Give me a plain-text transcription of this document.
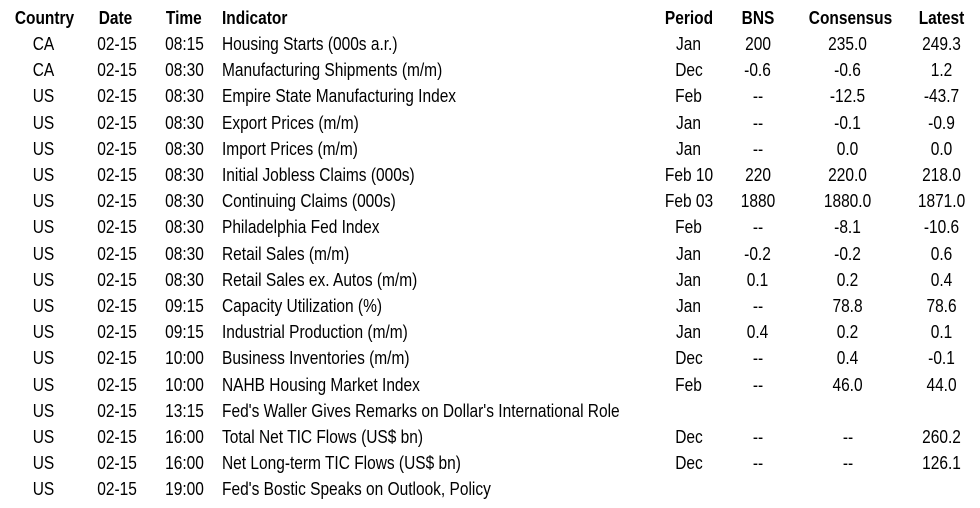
Country Date Time Indicator	Period	BNS	Consensus	Latest
CA	02-15 08:15 Housing Starts (000s a.r.)	Jan	200	235.0	249.3
CA	02-15 08:30 Manufacturing Shipments (m/m)	Dec	-0.6	-0.6	1.2
US	02-15 08:30 Empire State Manufacturing Index	Feb	--	-12.5	-43.7
US	02-15 08:30 Export Prices (m/m)	Jan	--	-0.1	-0.9
US	02-15 08:30 Import Prices (m/m)	Jan	--	0.0	0.0
US	02-15 08:30 Initial Jobless Claims (000s)	Feb 10	220	220.0	218.0
US	02-15 08:30 Continuing Claims (000s)	Feb 03	1880	1880.0	1871.0
US	02-15 08:30 Philadelphia Fed Index	Feb	--	-8.1	-10.6
US	02-15 08:30 Retail Sales (m/m)	Jan	-0.2	-0.2	0.6
US	02-15 08:30 Retail Sales ex. Autos (m/m)	Jan	0.1	0.2	0.4
US	02-15 09:15 Capacity Utilization (%)	Jan	--	78.8	78.6
US	02-15 09:15 Industrial Production (m/m)	Jan	0.4	0.2	0.1
US	02-15 10:00 Business Inventories (m/m)	Dec	--	0.4	-0.1
US	02-15 10:00 NAHB Housing Market Index	Feb	--	46.0	44.0
US	02-15 13:15 Fed's Waller Gives Remarks on Dollar's International Role
US	02-15 16:00 Total Net TIC Flows (US$ bn)	Dec	--	--	260.2
US	02-15 16:00 Net Long-term TIC Flows (US$ bn)	Dec	--	--	126.1
US	02-15 19:00 Fed's Bostic Speaks on Outlook, Policy
